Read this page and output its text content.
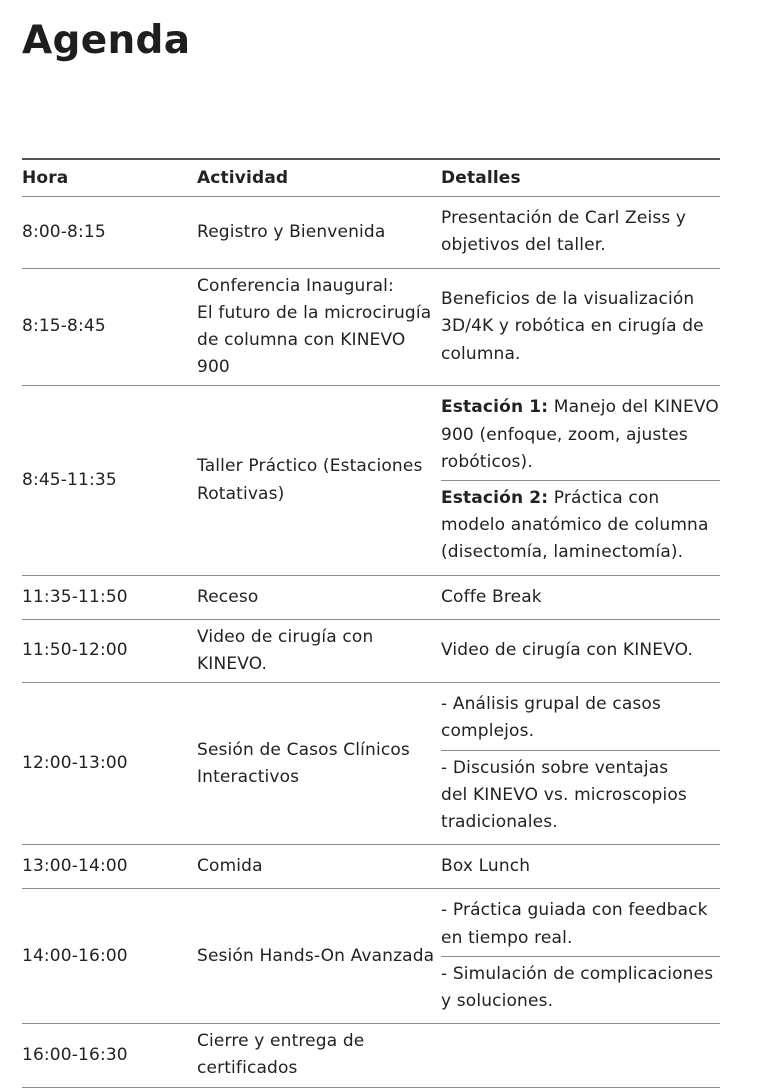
Agenda
Hora	Actividad	Detalles
8:00-8:15	Registro y Bienvenida	Presentación de Carl Zeiss y objetivos del taller.

8:15-8:45	Conferencia Inaugural:
El futuro de la microcirugía de columna con KINEVO 900	Beneficios de la visualización 3D/4K y robótica en cirugía de columna.

8:45-11:35	Taller Práctico (Estaciones Rotativas)	Estación 1: Manejo del KINEVO 900 (enfoque, zoom, ajustes robóticos).
Estación 2: Práctica con modelo anatómico de columna (disectomía, laminectomía).

11:35-11:50	Receso	Coffe Break

11:50-12:00	Video de cirugía con KINEVO.	Video de cirugía con KINEVO.

12:00-13:00	Sesión de Casos Clínicos Interactivos	- Análisis grupal de casos complejos.
- Discusión sobre ventajas
del KINEVO vs. microscopios tradicionales.

13:00-14:00	Comida	Box Lunch

14:00-16:00	Sesión Hands-On Avanzada	- Práctica guiada con feedback en tiempo real.
- Simulación de complicaciones y soluciones.

16:00-16:30	Cierre y entrega de certificados	
